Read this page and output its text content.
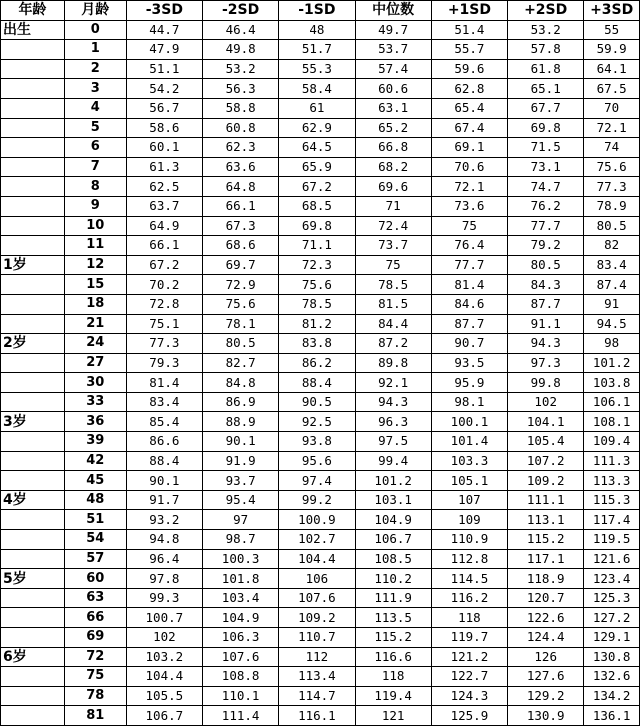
年龄	月龄	-3SD	-2SD	-1SD	中位数	+1SD	+2SD	+3SD
出生	0	44.7	46.4	48	49.7	51.4	53.2	55
	1	47.9	49.8	51.7	53.7	55.7	57.8	59.9
	2	51.1	53.2	55.3	57.4	59.6	61.8	64.1
	3	54.2	56.3	58.4	60.6	62.8	65.1	67.5
	4	56.7	58.8	61	63.1	65.4	67.7	70
	5	58.6	60.8	62.9	65.2	67.4	69.8	72.1
	6	60.1	62.3	64.5	66.8	69.1	71.5	74
	7	61.3	63.6	65.9	68.2	70.6	73.1	75.6
	8	62.5	64.8	67.2	69.6	72.1	74.7	77.3
	9	63.7	66.1	68.5	71	73.6	76.2	78.9
	10	64.9	67.3	69.8	72.4	75	77.7	80.5
	11	66.1	68.6	71.1	73.7	76.4	79.2	82
1岁	12	67.2	69.7	72.3	75	77.7	80.5	83.4
	15	70.2	72.9	75.6	78.5	81.4	84.3	87.4
	18	72.8	75.6	78.5	81.5	84.6	87.7	91
	21	75.1	78.1	81.2	84.4	87.7	91.1	94.5
2岁	24	77.3	80.5	83.8	87.2	90.7	94.3	98
	27	79.3	82.7	86.2	89.8	93.5	97.3	101.2
	30	81.4	84.8	88.4	92.1	95.9	99.8	103.8
	33	83.4	86.9	90.5	94.3	98.1	102	106.1
3岁	36	85.4	88.9	92.5	96.3	100.1	104.1	108.1
	39	86.6	90.1	93.8	97.5	101.4	105.4	109.4
	42	88.4	91.9	95.6	99.4	103.3	107.2	111.3
	45	90.1	93.7	97.4	101.2	105.1	109.2	113.3
4岁	48	91.7	95.4	99.2	103.1	107	111.1	115.3
	51	93.2	97	100.9	104.9	109	113.1	117.4
	54	94.8	98.7	102.7	106.7	110.9	115.2	119.5
	57	96.4	100.3	104.4	108.5	112.8	117.1	121.6
5岁	60	97.8	101.8	106	110.2	114.5	118.9	123.4
	63	99.3	103.4	107.6	111.9	116.2	120.7	125.3
	66	100.7	104.9	109.2	113.5	118	122.6	127.2
	69	102	106.3	110.7	115.2	119.7	124.4	129.1
6岁	72	103.2	107.6	112	116.6	121.2	126	130.8
	75	104.4	108.8	113.4	118	122.7	127.6	132.6
	78	105.5	110.1	114.7	119.4	124.3	129.2	134.2
	81	106.7	111.4	116.1	121	125.9	130.9	136.1
